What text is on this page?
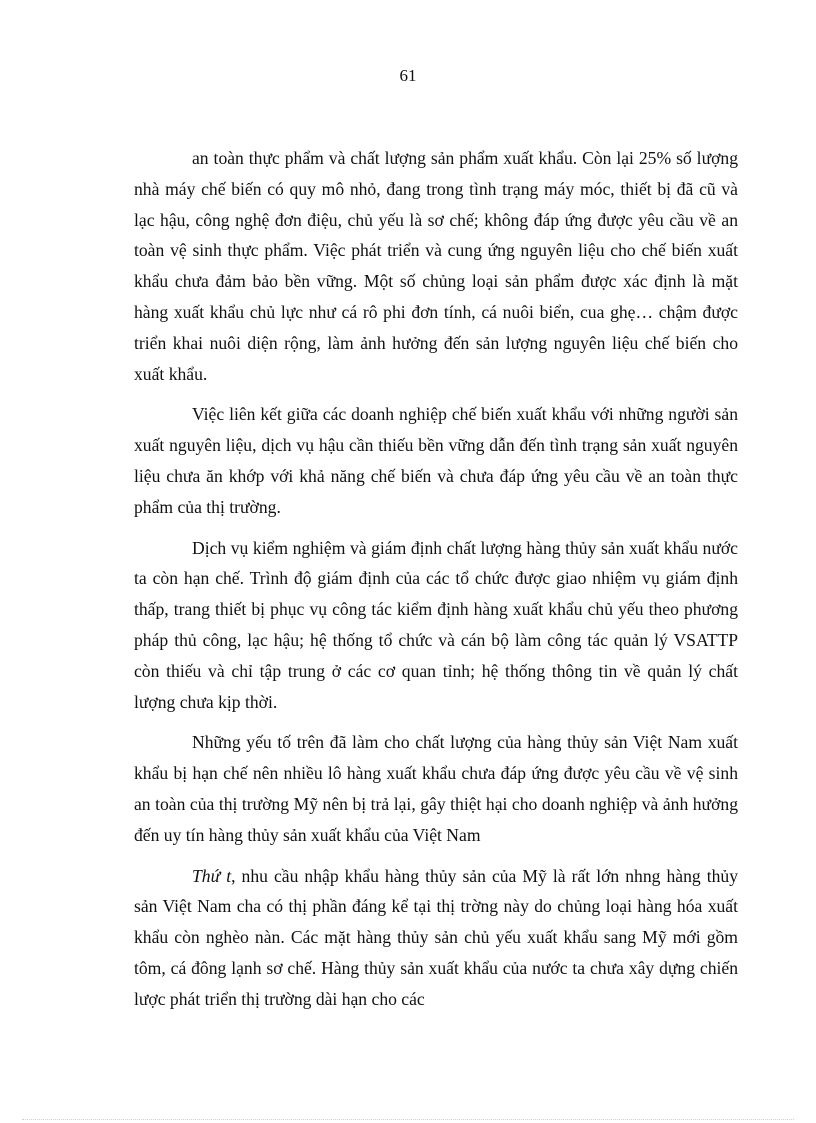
61

an toàn thực phẩm và chất lượng sản phẩm xuất khẩu. Còn lại 25% số lượng nhà máy chế biến có quy mô nhỏ, đang trong tình trạng máy móc, thiết bị đã cũ và lạc hậu, công nghệ đơn điệu, chủ yếu là sơ chế; không đáp ứng được yêu cầu về an toàn vệ sinh thực phẩm. Việc phát triển và cung ứng nguyên liệu cho chế biến xuất khẩu chưa đảm bảo bền vững. Một số chủng loại sản phẩm được xác định là mặt hàng xuất khẩu chủ lực như cá rô phi đơn tính, cá nuôi biển, cua ghẹ… chậm được triển khai nuôi diện rộng, làm ảnh hưởng đến sản lượng nguyên liệu chế biến cho xuất khẩu.

Việc liên kết giữa các doanh nghiệp chế biến xuất khẩu với những người sản xuất nguyên liệu, dịch vụ hậu cần thiếu bền vững dẫn đến tình trạng sản xuất nguyên liệu chưa ăn khớp với khả năng chế biến và chưa đáp ứng yêu cầu về an toàn thực phẩm của thị trường.

Dịch vụ kiểm nghiệm và giám định chất lượng hàng thủy sản xuất khẩu nước ta còn hạn chế. Trình độ giám định của các tổ chức được giao nhiệm vụ giám định thấp, trang thiết bị phục vụ công tác kiểm định hàng xuất khẩu chủ yếu theo phương pháp thủ công, lạc hậu; hệ thống tổ chức và cán bộ làm công tác quản lý VSATTP còn thiếu và chỉ tập trung ở các cơ quan tỉnh; hệ thống thông tin về quản lý chất lượng chưa kịp thời.

Những yếu tố trên đã làm cho chất lượng của hàng thủy sản Việt Nam xuất khẩu bị hạn chế nên nhiều lô hàng xuất khẩu chưa đáp ứng được yêu cầu về vệ sinh an toàn của thị trường Mỹ nên bị trả lại, gây thiệt hại cho doanh nghiệp và ảnh hưởng đến uy tín hàng thủy sản xuất khẩu của Việt Nam

Thứ t, nhu cầu nhập khẩu hàng thủy sản của Mỹ là rất lớn nhng hàng thủy sản Việt Nam cha có thị phần đáng kể tại thị trờng này do chủng loại hàng hóa xuất khẩu còn nghèo nàn. Các mặt hàng thủy sản chủ yếu xuất khẩu sang Mỹ mới gồm tôm, cá đông lạnh sơ chế. Hàng thủy sản xuất khẩu của nước ta chưa xây dựng chiến lược phát triển thị trường dài hạn cho các
